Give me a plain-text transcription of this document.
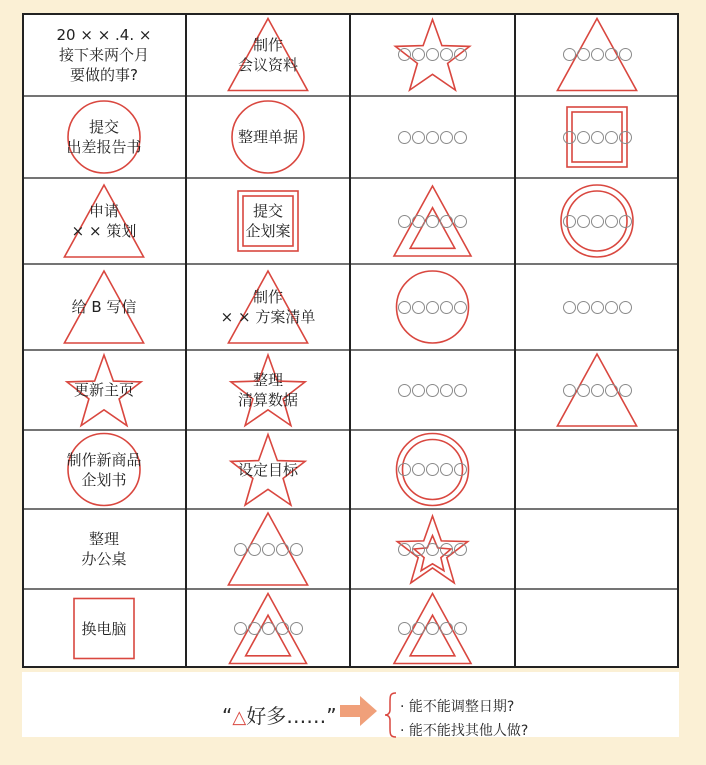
20 × × .4. ×
接下来两个月
要做的事?
制作
会议资料
提交
出差报告书
整理单据
申请
× × 策划
提交
企划案
给 B 写信
制作
× × 方案清单
更新主页
整理
清算数据
制作新商品
企划书
设定目标
整理
办公桌
换电脑
“△好多……”	· 能不能调整日期?
· 能不能找其他人做?
